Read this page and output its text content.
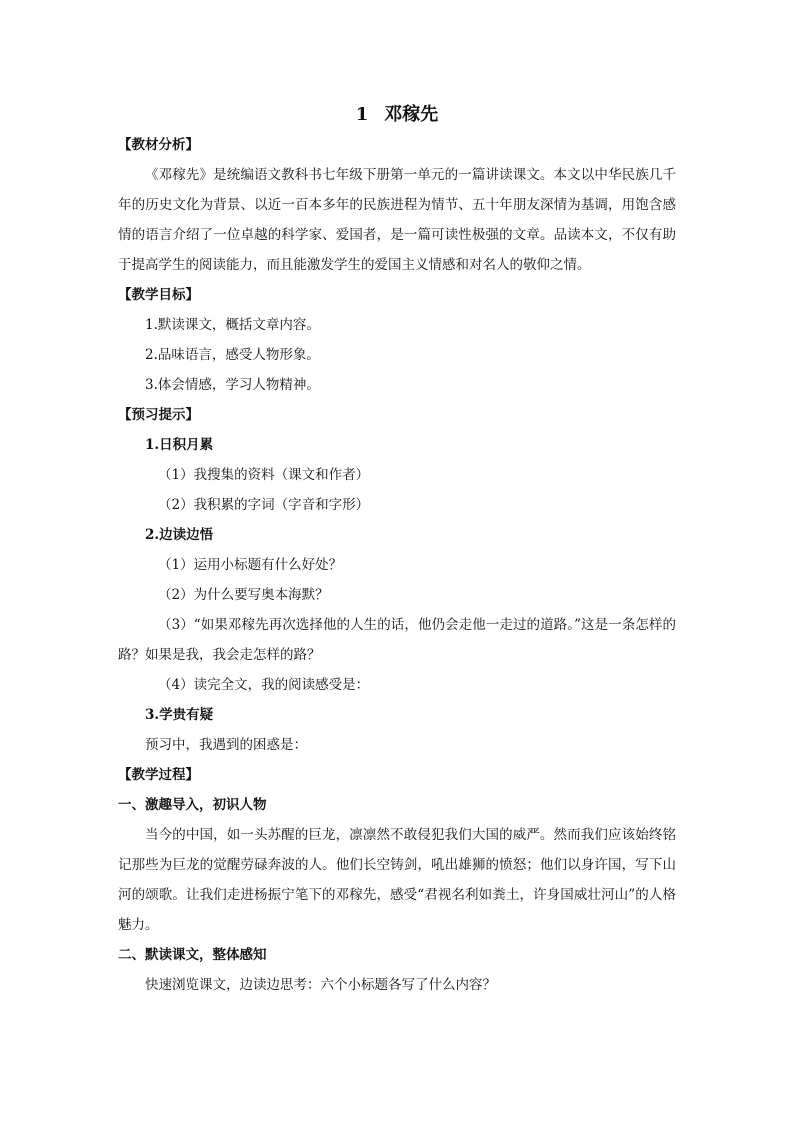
1 邓稼先
【教材分析】
《邓稼先》是统编语文教科书七年级下册第一单元的一篇讲读课文。本文以中华民族几千年的历史文化为背景、以近一百本多年的民族进程为情节、五十年朋友深情为基调，用饱含感情的语言介绍了一位卓越的科学家、爱国者，是一篇可读性极强的文章。品读本文，不仅有助于提高学生的阅读能力，而且能激发学生的爱国主义情感和对名人的敬仰之情。
【教学目标】
1.默读课文，概括文章内容。
2.品味语言，感受人物形象。
3.体会情感，学习人物精神。
【预习提示】
1.日积月累
（1）我搜集的资料（课文和作者）
（2）我积累的字词（字音和字形）
2.边读边悟
（1）运用小标题有什么好处？
（2）为什么要写奥本海默？
（3）“如果邓稼先再次选择他的人生的话，他仍会走他一走过的道路。”这是一条怎样的路？如果是我，我会走怎样的路？
（4）读完全文，我的阅读感受是：
3.学贵有疑
预习中，我遇到的困惑是：
【教学过程】
一、激趣导入，初识人物
当今的中国，如一头苏醒的巨龙，凛凛然不敢侵犯我们大国的威严。然而我们应该始终铭记那些为巨龙的觉醒劳碌奔波的人。他们长空铸剑，吼出雄狮的愤怒；他们以身许国，写下山河的颂歌。让我们走进杨振宁笔下的邓稼先，感受“君视名利如粪土，许身国威壮河山”的人格魅力。
二、默读课文，整体感知
快速浏览课文，边读边思考：六个小标题各写了什么内容？
